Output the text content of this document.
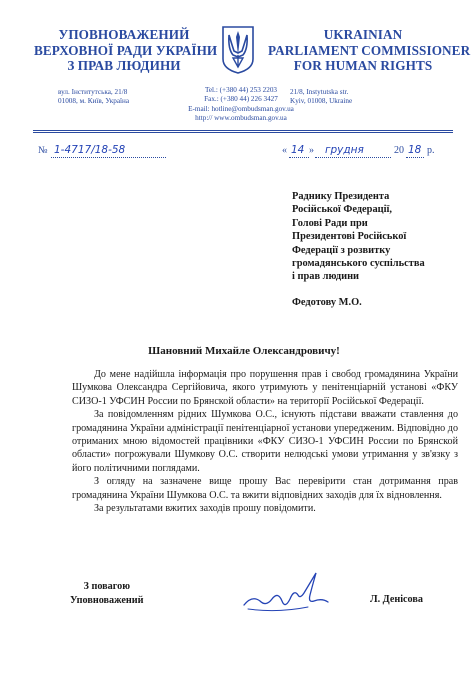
УПОВНОВАЖЕНИЙ
ВЕРХОВНОЇ РАДИ УКРАЇНИ
З ПРАВ ЛЮДИНИ
UKRAINIAN
PARLIAMENT COMMISSIONER
FOR HUMAN RIGHTS
вул. Інститутська, 21/8
01008, м. Київ, Україна
Tel.: (+380 44) 253 2203
Fax.: (+380 44) 226 3427
E-mail: hotline@ombudsman.gov.ua
http:// www.ombudsman.gov.ua
21/8, Instytutska str.
Kyiv, 01008, Ukraine
№ 1-4717/18-58	« 14 » грудня	20 18 р.
Раднику Президента
Російської Федерації,
Голові Ради при
Президентові Російської
Федерації з розвитку
громадянського суспільства
і прав людини
Федотову М.О.
Шановний Михайле Олександровичу!
До мене надійшла інформація про порушення прав і свобод громадянина України Шумкова Олександра Сергійовича, якого утримують у пенітенціарній установі «ФКУ СИЗО-1 УФСИН России по Брянской области» на території Російської Федерації.
За повідомленням рідних Шумкова О.С., існують підстави вважати ставлення до громадянина України адміністрації пенітенціарної установи упередженим. Відповідно до отриманих мною відомостей працівники «ФКУ СИЗО-1 УФСИН России по Брянской области» погрожували Шумкову О.С. створити нелюдські умови утримання у зв'язку з його політичними поглядами.
З огляду на зазначене вище прошу Вас перевірити стан дотримання прав громадянина України Шумкова О.С. та вжити відповідних заходів для їх відновлення.
За результатами вжитих заходів прошу повідомити.
З повагою
Уповноважений	Л. Денісова
